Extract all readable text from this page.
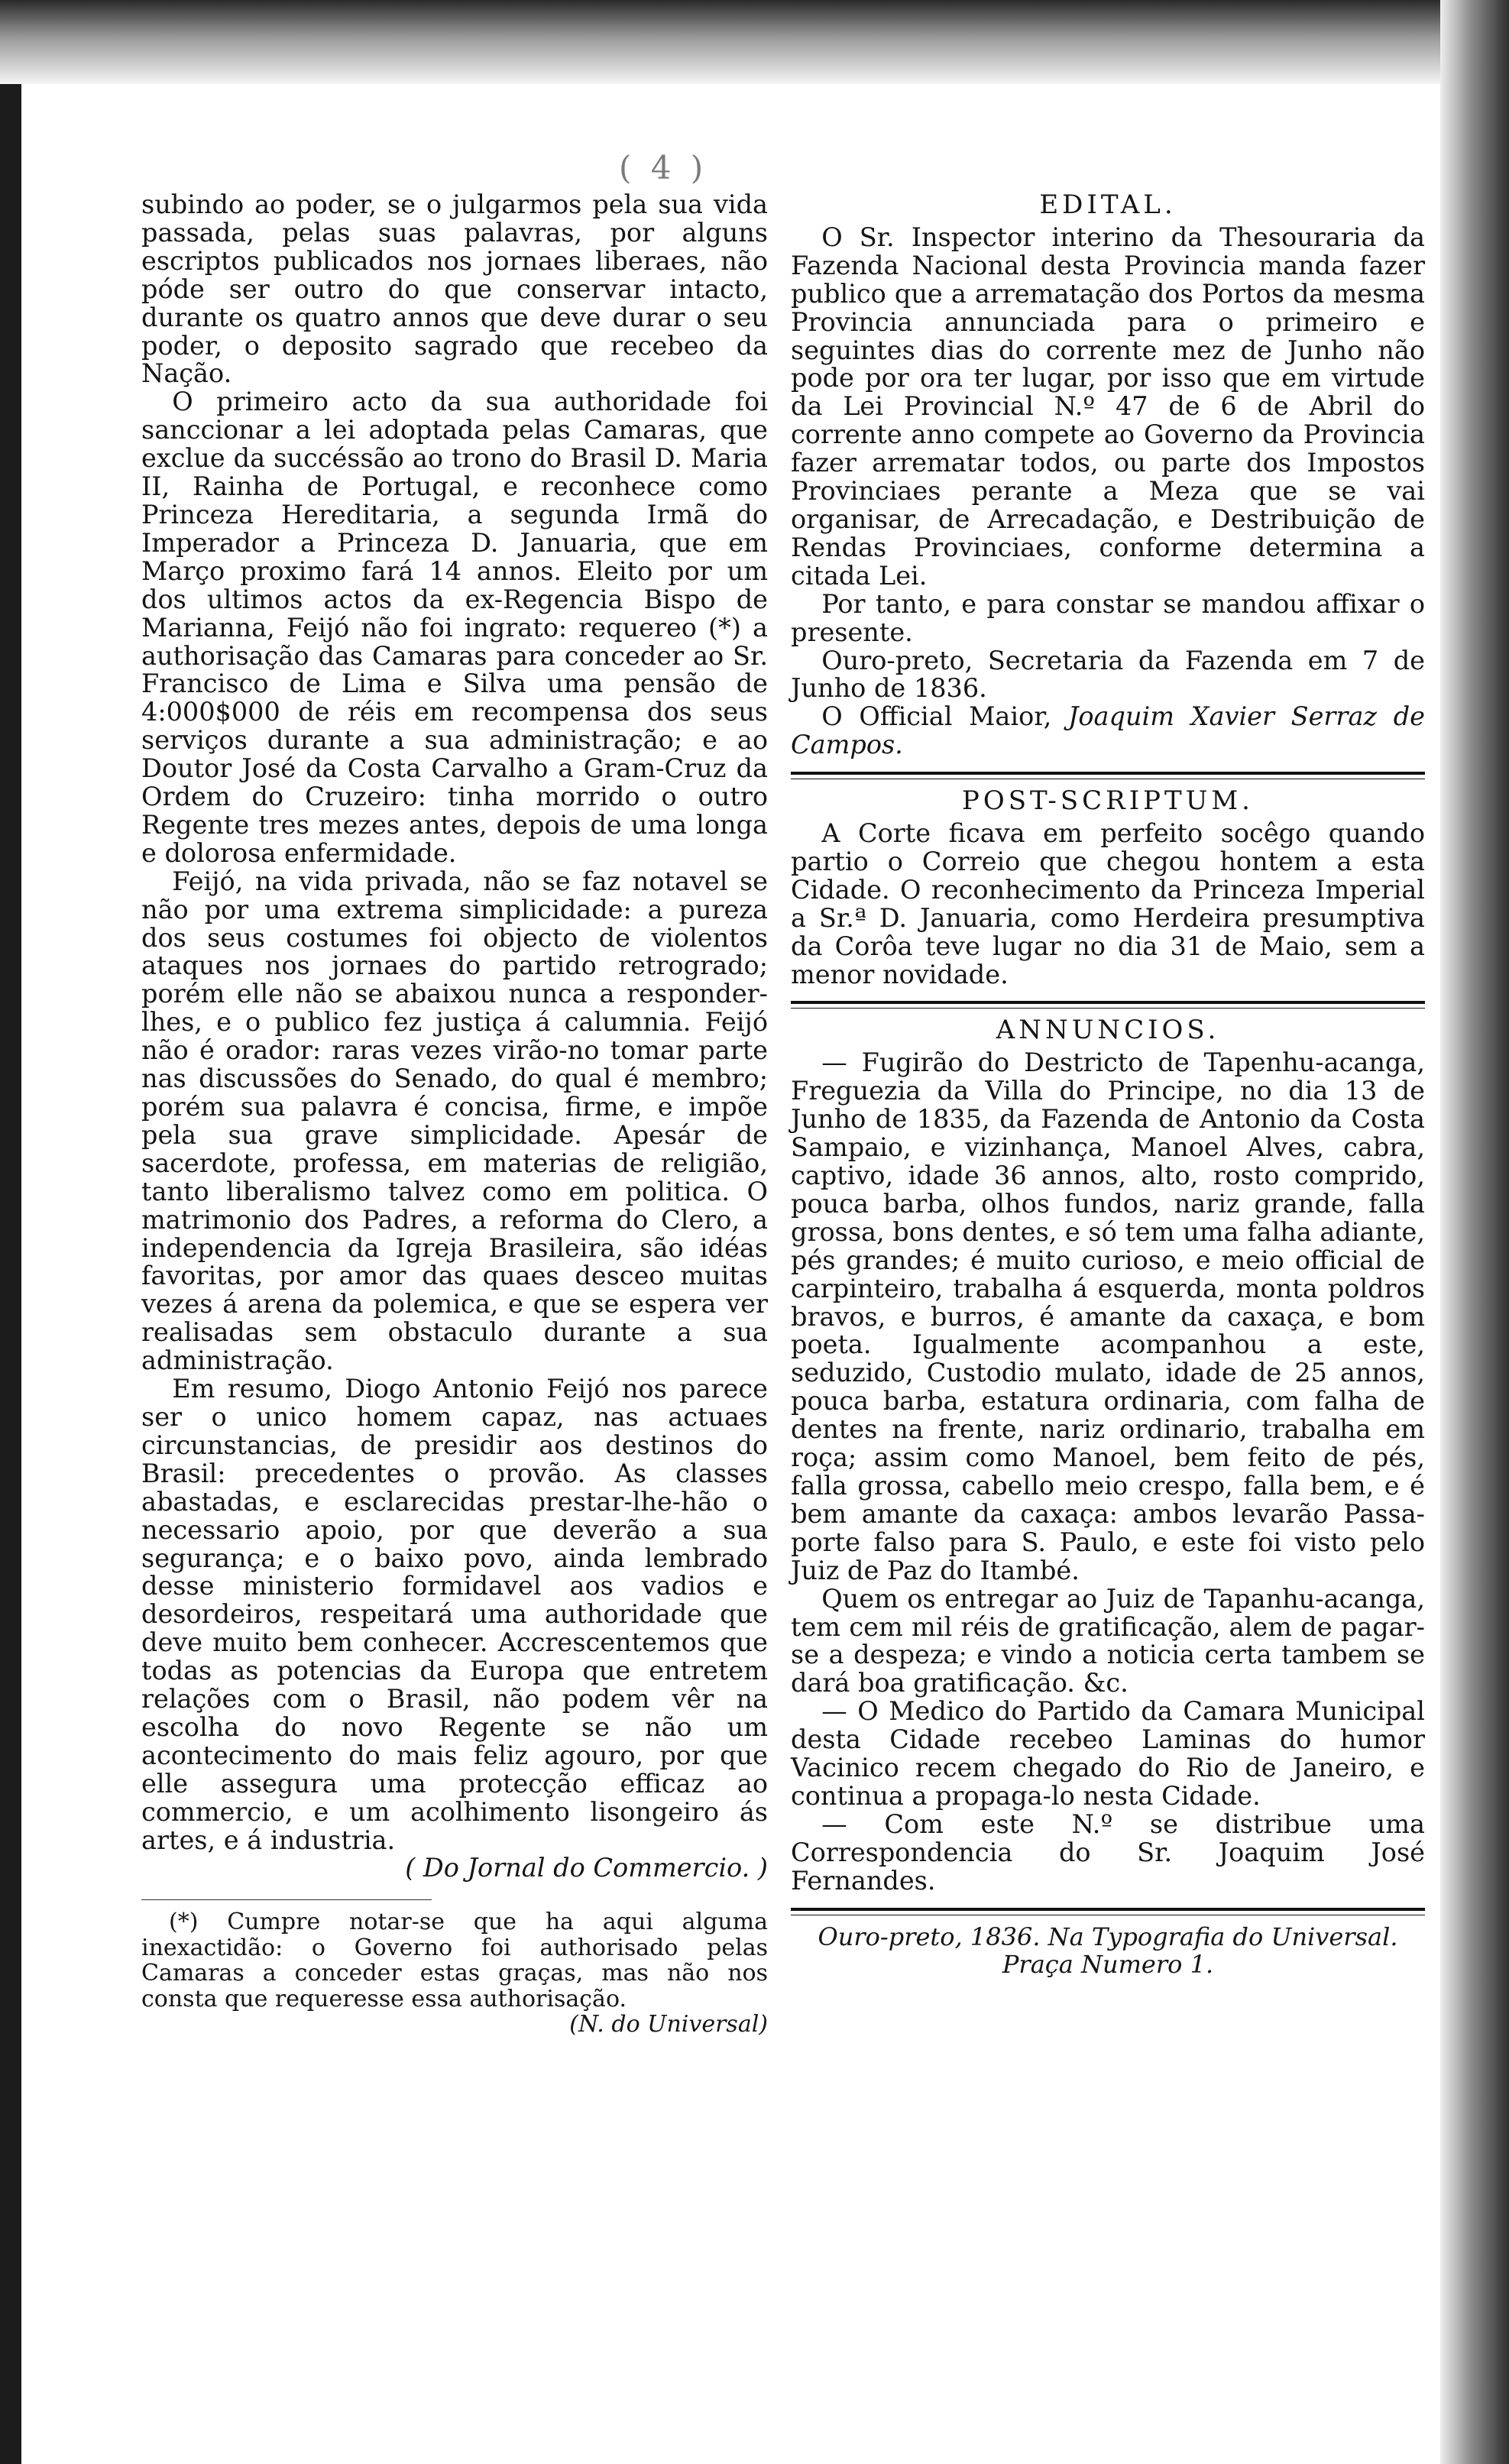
( 4 )

subindo ao poder, se o julgarmos pela sua vida passada, pelas suas palavras, por alguns escriptos publicados nos jornaes liberaes, não póde ser outro do que conservar intacto, durante os quatro annos que deve durar o seu poder, o deposito sagrado que recebeo da Nação.

O primeiro acto da sua authoridade foi sanccionar a lei adoptada pelas Camaras, que exclue da succéssão ao trono do Brasil D. Maria II, Rainha de Portugal, e reconhece como Princeza Hereditaria, a segunda Irmã do Imperador a Princeza D. Januaria, que em Março proximo fará 14 annos. Eleito por um dos ultimos actos da ex-Regencia Bispo de Marianna, Feijó não foi ingrato: requereo (*) a authorisação das Camaras para conceder ao Sr. Francisco de Lima e Silva uma pensão de 4:000$000 de réis em recompensa dos seus serviços durante a sua administração; e ao Doutor José da Costa Carvalho a Gram-Cruz da Ordem do Cruzeiro: tinha morrido o outro Regente tres mezes antes, depois de uma longa e dolorosa enfermidade.

Feijó, na vida privada, não se faz notavel se não por uma extrema simplicidade: a pureza dos seus costumes foi objecto de violentos ataques nos jornaes do partido retrogrado; porém elle não se abaixou nunca a responder-lhes, e o publico fez justiça á calumnia. Feijó não é orador: raras vezes virão-no tomar parte nas discussões do Senado, do qual é membro; porém sua palavra é concisa, firme, e impõe pela sua grave simplicidade. Apesár de sacerdote, professa, em materias de religião, tanto liberalismo talvez como em politica. O matrimonio dos Padres, a reforma do Clero, a independencia da Igreja Brasileira, são idéas favoritas, por amor das quaes desceo muitas vezes á arena da polemica, e que se espera ver realisadas sem obstaculo durante a sua administração.

Em resumo, Diogo Antonio Feijó nos parece ser o unico homem capaz, nas actuaes circunstancias, de presidir aos destinos do Brasil: precedentes o provão. As classes abastadas, e esclarecidas prestar-lhe-hão o necessario apoio, por que deverão a sua segurança; e o baixo povo, ainda lembrado desse ministerio formidavel aos vadios e desordeiros, respeitará uma authoridade que deve muito bem conhecer. Accrescentemos que todas as potencias da Europa que entretem relações com o Brasil, não podem vêr na escolha do novo Regente se não um acontecimento do mais feliz agouro, por que elle assegura uma protecção efficaz ao commercio, e um acolhimento lisongeiro ás artes, e á industria.

( Do Jornal do Commercio. )

(*) Cumpre notar-se que ha aqui alguma inexactidão: o Governo foi authorisado pelas Camaras a conceder estas graças, mas não nos consta que requeresse essa authorisação.

(N. do Universal)

EDITAL.

O Sr. Inspector interino da Thesouraria da Fazenda Nacional desta Provincia manda fazer publico que a arrematação dos Portos da mesma Provincia annunciada para o primeiro e seguintes dias do corrente mez de Junho não pode por ora ter lugar, por isso que em virtude da Lei Provincial N.º 47 de 6 de Abril do corrente anno compete ao Governo da Provincia fazer arrematar todos, ou parte dos Impostos Provinciaes perante a Meza que se vai organisar, de Arrecadação, e Destribuição de Rendas Provinciaes, conforme determina a citada Lei.

Por tanto, e para constar se mandou affixar o presente.

Ouro-preto, Secretaria da Fazenda em 7 de Junho de 1836.

O Official Maior, Joaquim Xavier Serraz de Campos.

POST-SCRIPTUM.

A Corte ficava em perfeito socêgo quando partio o Correio que chegou hontem a esta Cidade. O reconhecimento da Princeza Imperial a Sr.ª D. Januaria, como Herdeira presumptiva da Corôa teve lugar no dia 31 de Maio, sem a menor novidade.

ANNUNCIOS.

— Fugirão do Destricto de Tapenhu-acanga, Freguezia da Villa do Principe, no dia 13 de Junho de 1835, da Fazenda de Antonio da Costa Sampaio, e vizinhança, Manoel Alves, cabra, captivo, idade 36 annos, alto, rosto comprido, pouca barba, olhos fundos, nariz grande, falla grossa, bons dentes, e só tem uma falha adiante, pés grandes; é muito curioso, e meio official de carpinteiro, trabalha á esquerda, monta poldros bravos, e burros, é amante da caxaça, e bom poeta. Igualmente acompanhou a este, seduzido, Custodio mulato, idade de 25 annos, pouca barba, estatura ordinaria, com falha de dentes na frente, nariz ordinario, trabalha em roça; assim como Manoel, bem feito de pés, falla grossa, cabello meio crespo, falla bem, e é bem amante da caxaça: ambos levarão Passa-porte falso para S. Paulo, e este foi visto pelo Juiz de Paz do Itambé.

Quem os entregar ao Juiz de Tapanhu-acanga, tem cem mil réis de gratificação, alem de pagar-se a despeza; e vindo a noticia certa tambem se dará boa gratificação. &c.

— O Medico do Partido da Camara Municipal desta Cidade recebeo Laminas do humor Vacinico recem chegado do Rio de Janeiro, e continua a propaga-lo nesta Cidade.

— Com este N.º se distribue uma Correspondencia do Sr. Joaquim José Fernandes.

Ouro-preto, 1836. Na Typografia do Universal. Praça Numero 1.
